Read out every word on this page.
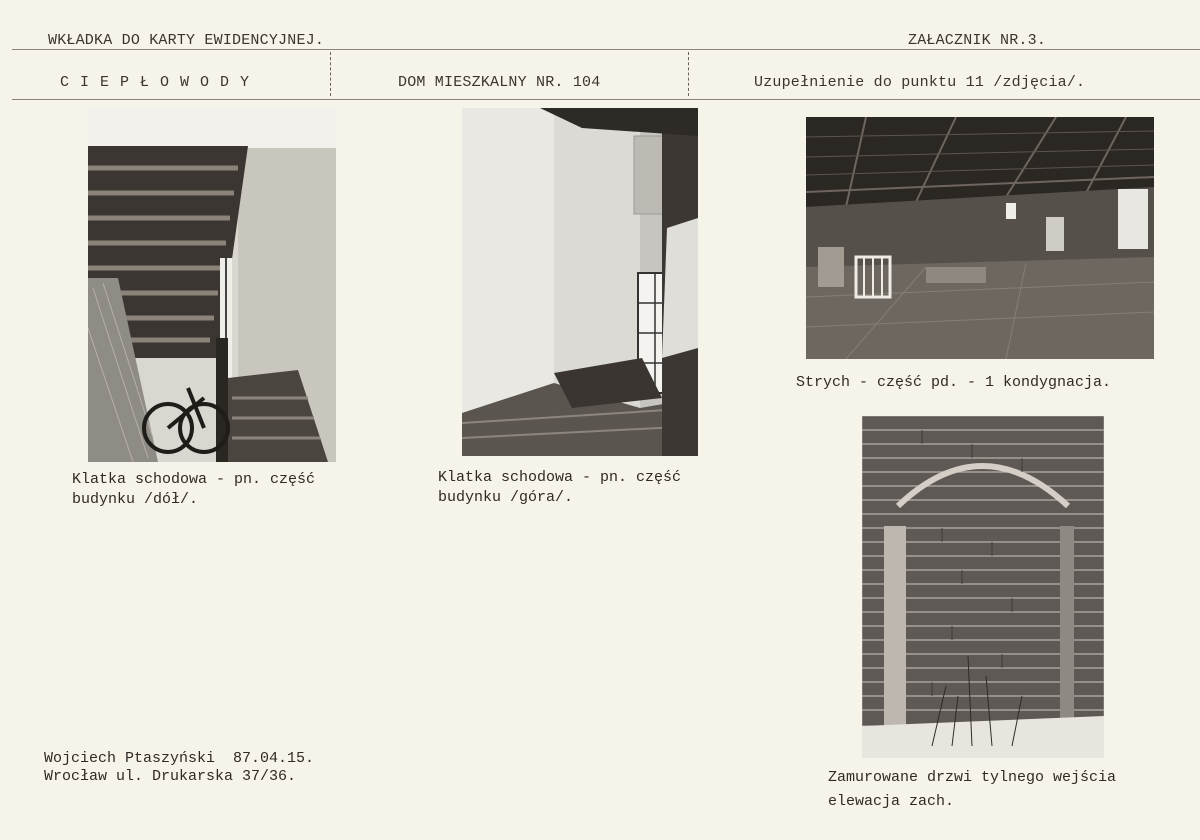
WKŁADKA DO KARTY EWIDENCYJNEJ.	ZAŁACZNIK NR.3.
C I E P Ł O W O D Y	DOM MIESZKALNY NR. 104	Uzupełnienie do punktu 11 /zdjęcia/.
Klatka schodowa - pn. część
budynku /dół/.
Klatka schodowa - pn. część
budynku /góra/.
Strych - część pd. - 1 kondygnacja.
Zamurowane drzwi tylnego wejścia
elewacja zach.
Wojciech Ptaszyński  87.04.15.
Wrocław ul. Drukarska 37/36.
